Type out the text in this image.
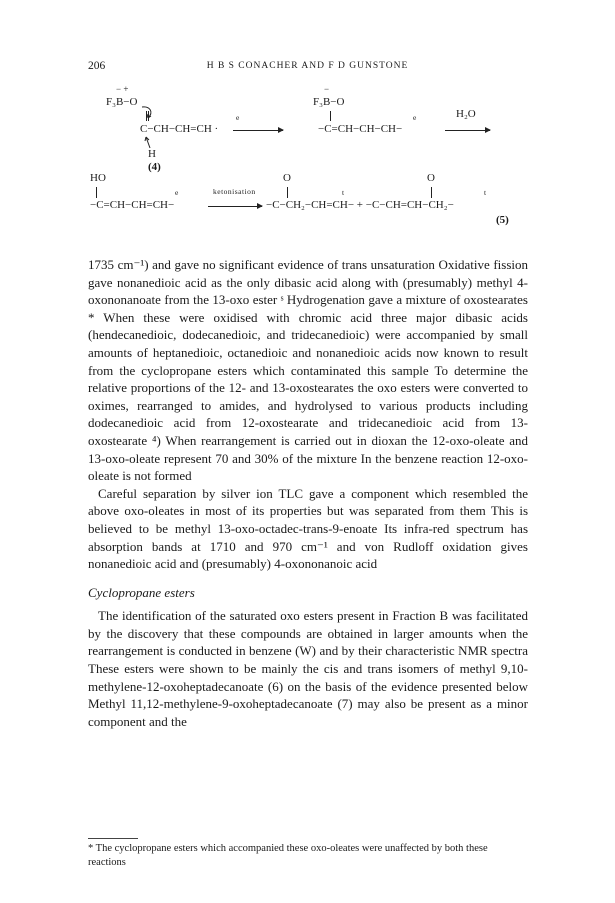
206	H B S CONACHER AND F D GUNSTONE
− +
F₃B−O
C−CH−CH=CH ·
e
H
(4)
−
F₃B−O
e	H₂O
−C=CH−CH−CH−
HO	O	O
e	ketonisation	t	t
−C=CH−CH=CH− → −C−CH₂−CH=CH− + −C−CH=CH−CH₂−
(5)

1735 cm⁻¹) and gave no significant evidence of trans unsaturation Oxidative fission gave nonanedioic acid as the only dibasic acid along with (presumably) methyl 4-oxononanoate from the 13-oxo ester ˢ Hydrogenation gave a mixture of oxostearates * When these were oxidised with chromic acid three major dibasic acids (hendecanedioic, dodecanedioic, and tridecanedioic) were accompanied by small amounts of heptanedioic, octanedioic and nonanedioic acids now known to result from the cyclopropane esters which contaminated this sample To determine the relative proportions of the 12- and 13-oxostearates the oxo esters were converted to oximes, rearranged to amides, and hydrolysed to various products including dodecanedioic acid from 12-oxostearate and tridecanedioic acid from 13-oxostearate ⁴) When rearrangement is carried out in dioxan the 12-oxo-oleate and 13-oxo-oleate represent 70 and 30% of the mixture In the benzene reaction 12-oxo-oleate is not formed

Careful separation by silver ion TLC gave a component which resembled the above oxo-oleates in most of its properties but was separated from them This is believed to be methyl 13-oxo-octadec-trans-9-enoate Its infra-red spectrum has absorption bands at 1710 and 970 cm⁻¹ and von Rudloff oxidation gives nonanedioic acid and (presumably) 4-oxononanoic acid

Cyclopropane esters

The identification of the saturated oxo esters present in Fraction B was facilitated by the discovery that these compounds are obtained in larger amounts when the rearrangement is conducted in benzene (W) and by their characteristic NMR spectra These esters were shown to be mainly the cis and trans isomers of methyl 9,10-methylene-12-oxoheptadecanoate (6) on the basis of the evidence presented below Methyl 11,12-methylene-9-oxoheptadecanoate (7) may also be present as a minor component and the

* The cyclopropane esters which accompanied these oxo-oleates were unaffected by both these reactions
